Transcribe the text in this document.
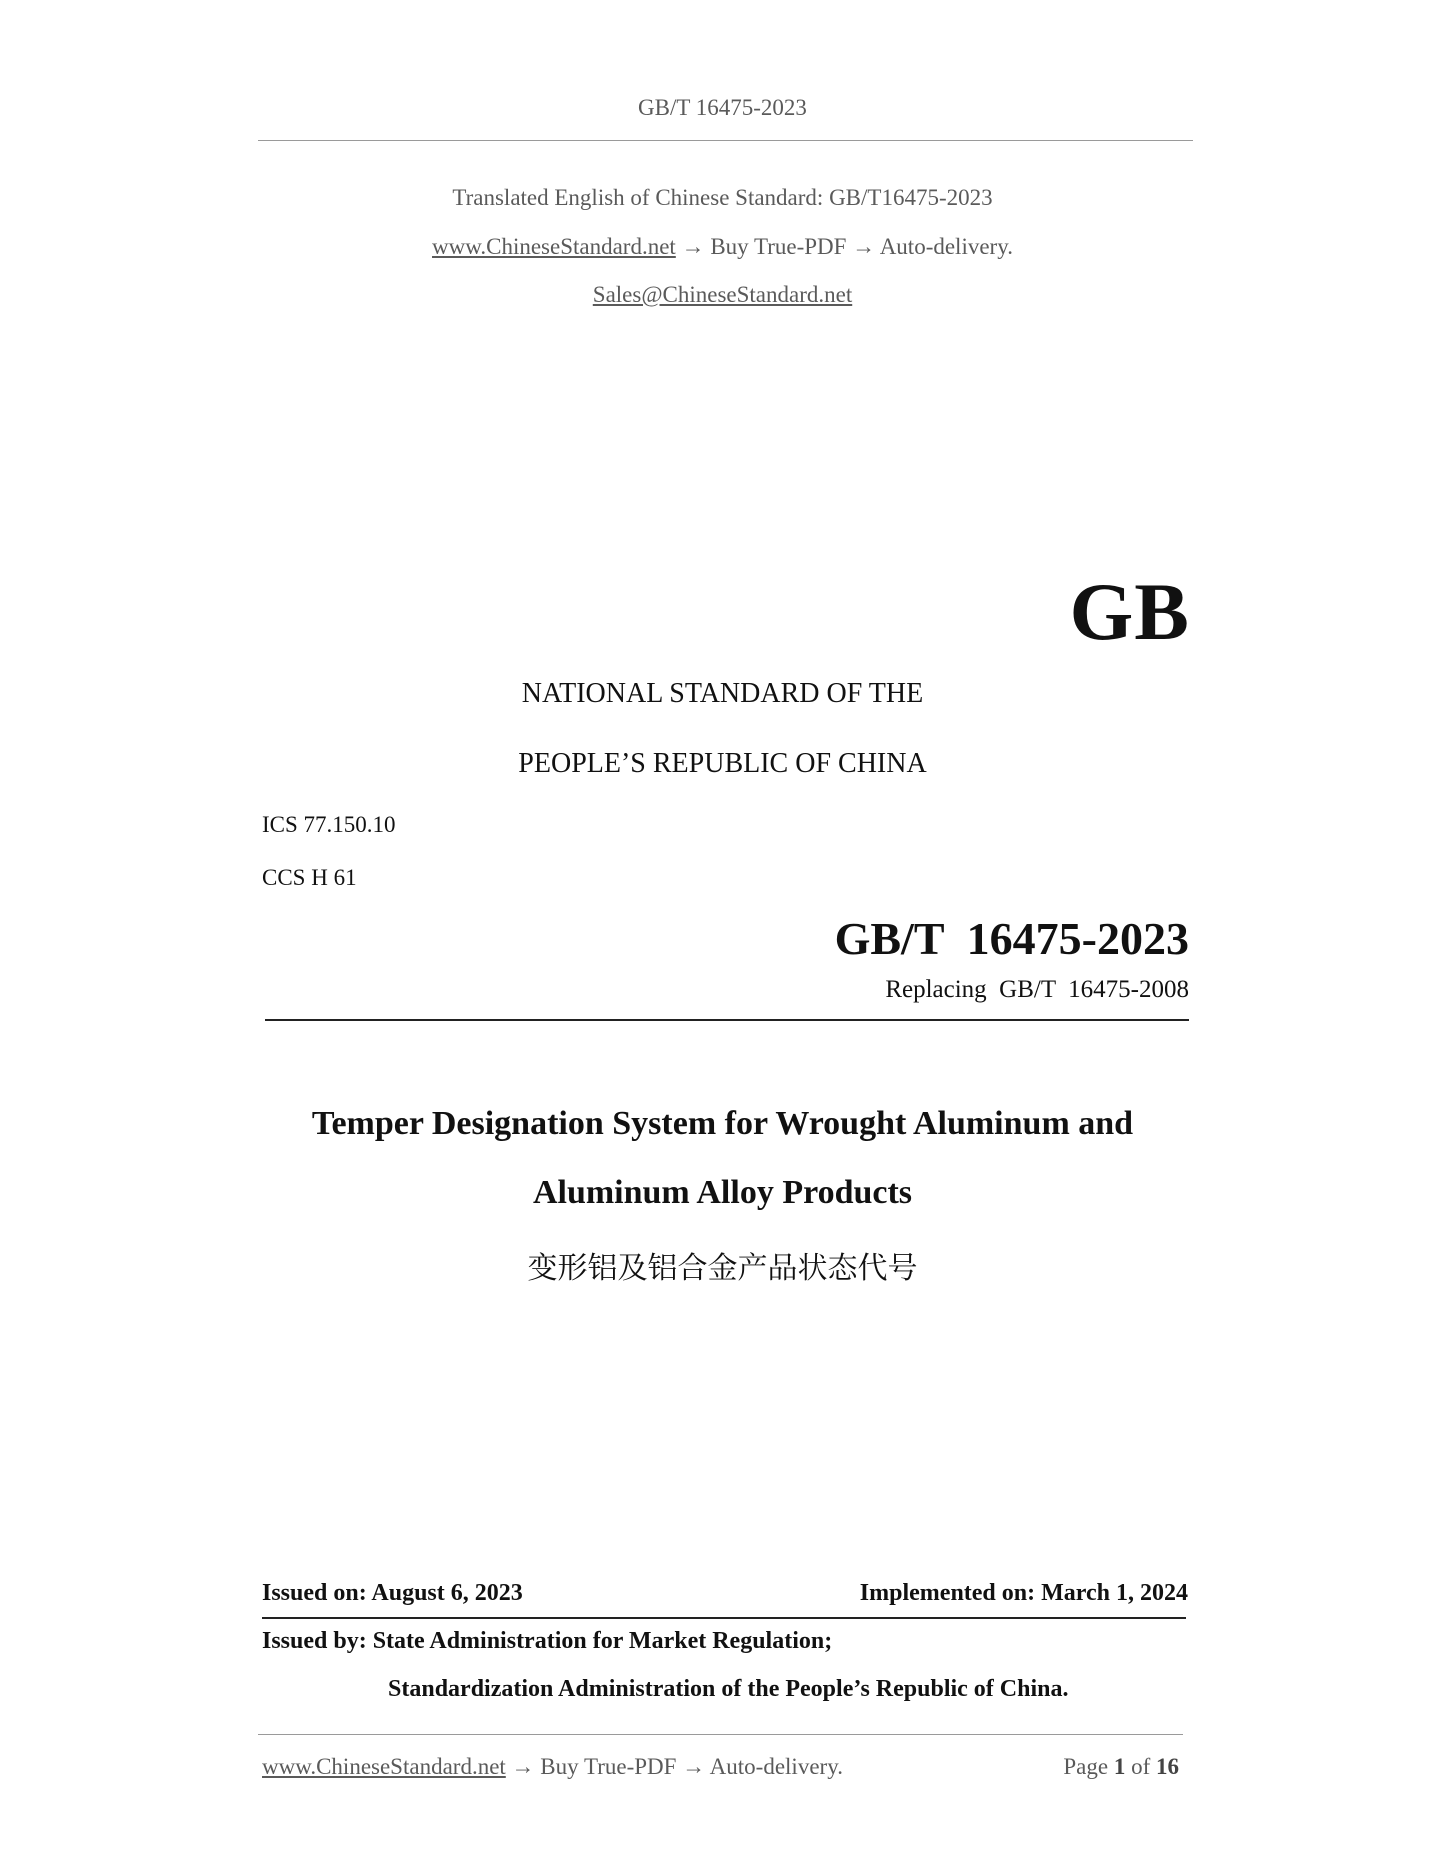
GB/T 16475-2023
Translated English of Chinese Standard: GB/T16475-2023
www.ChineseStandard.net → Buy True-PDF → Auto-delivery.
Sales@ChineseStandard.net
GB
NATIONAL STANDARD OF THE
PEOPLE’S REPUBLIC OF CHINA
ICS 77.150.10
CCS H 61
GB/T  16475-2023
Replacing  GB/T  16475-2008
Temper Designation System for Wrought Aluminum and
Aluminum Alloy Products
变形铝及铝合金产品状态代号
Issued on: August 6, 2023	Implemented on: March 1, 2024
Issued by: State Administration for Market Regulation;
Standardization Administration of the People’s Republic of China.
www.ChineseStandard.net → Buy True-PDF → Auto-delivery.	Page 1 of 16
